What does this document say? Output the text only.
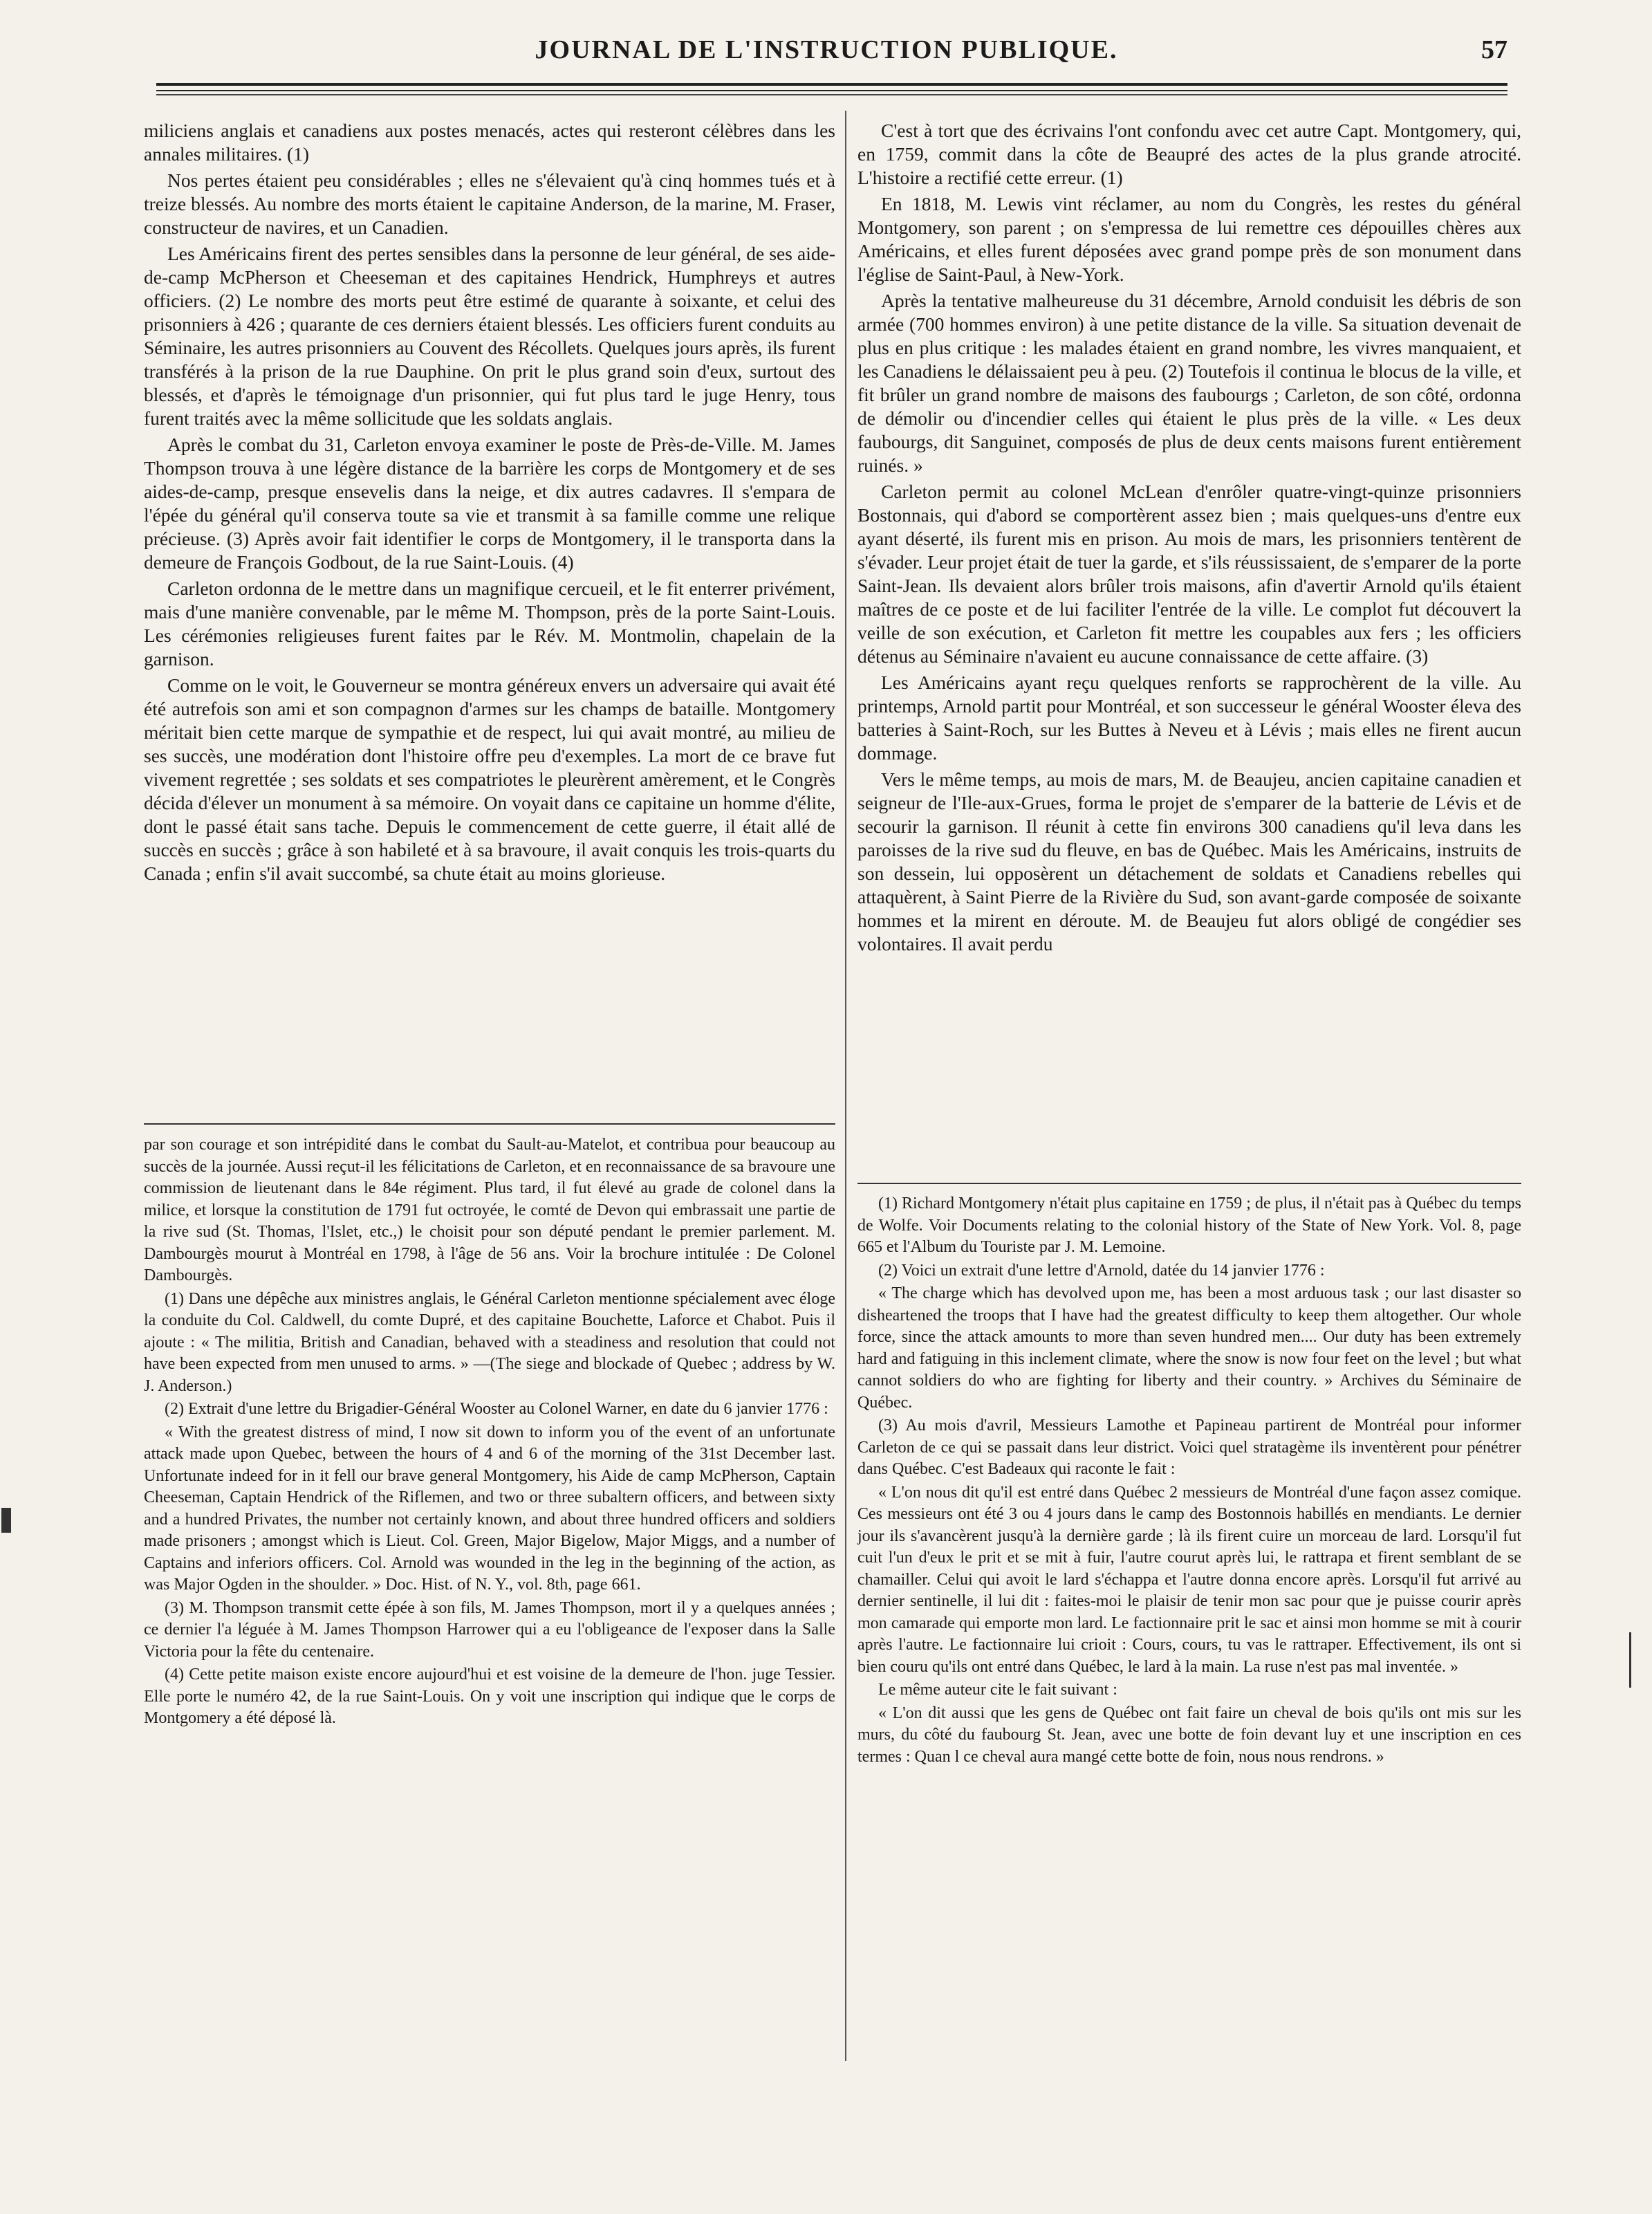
JOURNAL DE L'INSTRUCTION PUBLIQUE.	57

miliciens anglais et canadiens aux postes menacés, actes qui resteront célèbres dans les annales militaires. (1)

Nos pertes étaient peu considérables ; elles ne s'élevaient qu'à cinq hommes tués et à treize blessés. Au nombre des morts étaient le capitaine Anderson, de la marine, M. Fraser, constructeur de navires, et un Canadien.

Les Américains firent des pertes sensibles dans la personne de leur général, de ses aide-de-camp McPherson et Cheeseman et des capitaines Hendrick, Humphreys et autres officiers. (2) Le nombre des morts peut être estimé de quarante à soixante, et celui des prisonniers à 426 ; quarante de ces derniers étaient blessés. Les officiers furent conduits au Séminaire, les autres prisonniers au Couvent des Récollets. Quelques jours après, ils furent transférés à la prison de la rue Dauphine. On prit le plus grand soin d'eux, surtout des blessés, et d'après le témoignage d'un prisonnier, qui fut plus tard le juge Henry, tous furent traités avec la même sollicitude que les soldats anglais.

Après le combat du 31, Carleton envoya examiner le poste de Près-de-Ville. M. James Thompson trouva à une légère distance de la barrière les corps de Montgomery et de ses aides-de-camp, presque ensevelis dans la neige, et dix autres cadavres. Il s'empara de l'épée du général qu'il conserva toute sa vie et transmit à sa famille comme une relique précieuse. (3) Après avoir fait identifier le corps de Montgomery, il le transporta dans la demeure de François Godbout, de la rue Saint-Louis. (4)

Carleton ordonna de le mettre dans un magnifique cercueil, et le fit enterrer privément, mais d'une manière convenable, par le même M. Thompson, près de la porte Saint-Louis. Les cérémonies religieuses furent faites par le Rév. M. Montmolin, chapelain de la garnison.

Comme on le voit, le Gouverneur se montra généreux envers un adversaire qui avait été été autrefois son ami et son compagnon d'armes sur les champs de bataille. Montgomery méritait bien cette marque de sympathie et de respect, lui qui avait montré, au milieu de ses succès, une modération dont l'histoire offre peu d'exemples. La mort de ce brave fut vivement regrettée ; ses soldats et ses compatriotes le pleurèrent amèrement, et le Congrès décida d'élever un monument à sa mémoire. On voyait dans ce capitaine un homme d'élite, dont le passé était sans tache. Depuis le commencement de cette guerre, il était allé de succès en succès ; grâce à son habileté et à sa bravoure, il avait conquis les trois-quarts du Canada ; enfin s'il avait succombé, sa chute était au moins glorieuse.

C'est à tort que des écrivains l'ont confondu avec cet autre Capt. Montgomery, qui, en 1759, commit dans la côte de Beaupré des actes de la plus grande atrocité. L'histoire a rectifié cette erreur. (1)

En 1818, M. Lewis vint réclamer, au nom du Congrès, les restes du général Montgomery, son parent ; on s'empressa de lui remettre ces dépouilles chères aux Américains, et elles furent déposées avec grand pompe près de son monument dans l'église de Saint-Paul, à New-York.

Après la tentative malheureuse du 31 décembre, Arnold conduisit les débris de son armée (700 hommes environ) à une petite distance de la ville. Sa situation devenait de plus en plus critique : les malades étaient en grand nombre, les vivres manquaient, et les Canadiens le délaissaient peu à peu. (2) Toutefois il continua le blocus de la ville, et fit brûler un grand nombre de maisons des faubourgs ; Carleton, de son côté, ordonna de démolir ou d'incendier celles qui étaient le plus près de la ville. « Les deux faubourgs, dit Sanguinet, composés de plus de deux cents maisons furent entièrement ruinés. »

Carleton permit au colonel McLean d'enrôler quatre-vingt-quinze prisonniers Bostonnais, qui d'abord se comportèrent assez bien ; mais quelques-uns d'entre eux ayant déserté, ils furent mis en prison. Au mois de mars, les prisonniers tentèrent de s'évader. Leur projet était de tuer la garde, et s'ils réussissaient, de s'emparer de la porte Saint-Jean. Ils devaient alors brûler trois maisons, afin d'avertir Arnold qu'ils étaient maîtres de ce poste et de lui faciliter l'entrée de la ville. Le complot fut découvert la veille de son exécution, et Carleton fit mettre les coupables aux fers ; les officiers détenus au Séminaire n'avaient eu aucune connaissance de cette affaire. (3)

Les Américains ayant reçu quelques renforts se rapprochèrent de la ville. Au printemps, Arnold partit pour Montréal, et son successeur le général Wooster éleva des batteries à Saint-Roch, sur les Buttes à Neveu et à Lévis ; mais elles ne firent aucun dommage.

Vers le même temps, au mois de mars, M. de Beaujeu, ancien capitaine canadien et seigneur de l'Ile-aux-Grues, forma le projet de s'emparer de la batterie de Lévis et de secourir la garnison. Il réunit à cette fin environs 300 canadiens qu'il leva dans les paroisses de la rive sud du fleuve, en bas de Québec. Mais les Américains, instruits de son dessein, lui opposèrent un détachement de soldats et Canadiens rebelles qui attaquèrent, à Saint Pierre de la Rivière du Sud, son avant-garde composée de soixante hommes et la mirent en déroute. M. de Beaujeu fut alors obligé de congédier ses volontaires. Il avait perdu

par son courage et son intrépidité dans le combat du Sault-au-Matelot, et contribua pour beaucoup au succès de la journée. Aussi reçut-il les félicitations de Carleton, et en reconnaissance de sa bravoure une commission de lieutenant dans le 84e régiment. Plus tard, il fut élevé au grade de colonel dans la milice, et lorsque la constitution de 1791 fut octroyée, le comté de Devon qui embrassait une partie de la rive sud (St. Thomas, l'Islet, etc.,) le choisit pour son député pendant le premier parlement. M. Dambourgès mourut à Montréal en 1798, à l'âge de 56 ans. Voir la brochure intitulée : De Colonel Dambourgès.

(1) Dans une dépêche aux ministres anglais, le Général Carleton mentionne spécialement avec éloge la conduite du Col. Caldwell, du comte Dupré, et des capitaine Bouchette, Laforce et Chabot. Puis il ajoute : « The militia, British and Canadian, behaved with a steadiness and resolution that could not have been expected from men unused to arms. » —(The siege and blockade of Quebec ; address by W. J. Anderson.)

(2) Extrait d'une lettre du Brigadier-Général Wooster au Colonel Warner, en date du 6 janvier 1776 :

« With the greatest distress of mind, I now sit down to inform you of the event of an unfortunate attack made upon Quebec, between the hours of 4 and 6 of the morning of the 31st December last. Unfortunate indeed for in it fell our brave general Montgomery, his Aide de camp McPherson, Captain Cheeseman, Captain Hendrick of the Riflemen, and two or three subaltern officers, and between sixty and a hundred Privates, the number not certainly known, and about three hundred officers and soldiers made prisoners ; amongst which is Lieut. Col. Green, Major Bigelow, Major Miggs, and a number of Captains and inferiors officers. Col. Arnold was wounded in the leg in the beginning of the action, as was Major Ogden in the shoulder. » Doc. Hist. of N. Y., vol. 8th, page 661.

(3) M. Thompson transmit cette épée à son fils, M. James Thompson, mort il y a quelques années ; ce dernier l'a léguée à M. James Thompson Harrower qui a eu l'obligeance de l'exposer dans la Salle Victoria pour la fête du centenaire.

(4) Cette petite maison existe encore aujourd'hui et est voisine de la demeure de l'hon. juge Tessier. Elle porte le numéro 42, de la rue Saint-Louis. On y voit une inscription qui indique que le corps de Montgomery a été déposé là.

(1) Richard Montgomery n'était plus capitaine en 1759 ; de plus, il n'était pas à Québec du temps de Wolfe. Voir Documents relating to the colonial history of the State of New York. Vol. 8, page 665 et l'Album du Touriste par J. M. Lemoine.

(2) Voici un extrait d'une lettre d'Arnold, datée du 14 janvier 1776 :

« The charge which has devolved upon me, has been a most arduous task ; our last disaster so disheartened the troops that I have had the greatest difficulty to keep them altogether. Our whole force, since the attack amounts to more than seven hundred men.... Our duty has been extremely hard and fatiguing in this inclement climate, where the snow is now four feet on the level ; but what cannot soldiers do who are fighting for liberty and their country. » Archives du Séminaire de Québec.

(3) Au mois d'avril, Messieurs Lamothe et Papineau partirent de Montréal pour informer Carleton de ce qui se passait dans leur district. Voici quel stratagème ils inventèrent pour pénétrer dans Québec. C'est Badeaux qui raconte le fait :

« L'on nous dit qu'il est entré dans Québec 2 messieurs de Montréal d'une façon assez comique. Ces messieurs ont été 3 ou 4 jours dans le camp des Bostonnois habillés en mendiants. Le dernier jour ils s'avancèrent jusqu'à la dernière garde ; là ils firent cuire un morceau de lard. Lorsqu'il fut cuit l'un d'eux le prit et se mit à fuir, l'autre courut après lui, le rattrapa et firent semblant de se chamailler. Celui qui avoit le lard s'échappa et l'autre donna encore après. Lorsqu'il fut arrivé au dernier sentinelle, il lui dit : faites-moi le plaisir de tenir mon sac pour que je puisse courir après mon camarade qui emporte mon lard. Le factionnaire prit le sac et ainsi mon homme se mit à courir après l'autre. Le factionnaire lui crioit : Cours, cours, tu vas le rattraper. Effectivement, ils ont si bien couru qu'ils ont entré dans Québec, le lard à la main. La ruse n'est pas mal inventée. »

Le même auteur cite le fait suivant :

« L'on dit aussi que les gens de Québec ont fait faire un cheval de bois qu'ils ont mis sur les murs, du côté du faubourg St. Jean, avec une botte de foin devant luy et une inscription en ces termes : Quan l ce cheval aura mangé cette botte de foin, nous nous rendrons. »
